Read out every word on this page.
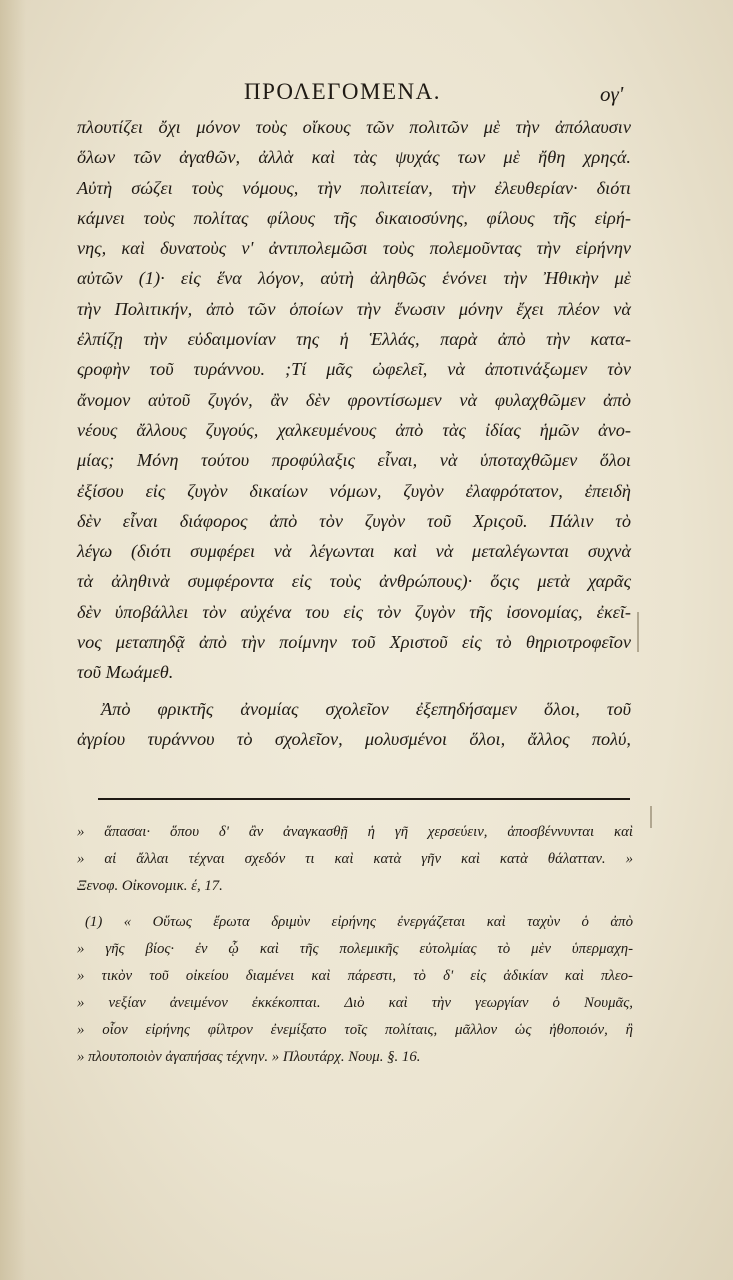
ΠΡΟΛΕΓΟΜΕΝΑ.	ογ'
πλουτίζει ὄχι μόνον τοὺς οἴκους τῶν πολιτῶν μὲ τὴν ἀπόλαυσιν
ὅλων τῶν ἀγαθῶν, ἀλλὰ καὶ τὰς ψυχάς των μὲ ἤθη χρηςά.
Αὐτὴ σώζει τοὺς νόμους, τὴν πολιτείαν, τὴν ἐλευθερίαν· διότι
κάμνει τοὺς πολίτας φίλους τῆς δικαιοσύνης, φίλους τῆς εἰρή-
νης, καὶ δυνατοὺς ν' ἀντιπολεμῶσι τοὺς πολεμοῦντας τὴν εἰρήνην
αὐτῶν (1)· εἰς ἕνα λόγον, αὐτὴ ἀληθῶς ἑνόνει τὴν Ἠθικὴν μὲ
τὴν Πολιτικήν, ἀπὸ τῶν ὁποίων τὴν ἕνωσιν μόνην ἔχει πλέον νὰ
ἐλπίζῃ τὴν εὐδαιμονίαν της ἡ Ἑλλάς, παρὰ ἀπὸ τὴν κατα-
ςροφὴν τοῦ τυράννου. ;Τί μᾶς ὠφελεῖ, νὰ ἀποτινάξωμεν τὸν
ἄνομον αὐτοῦ ζυγόν, ἂν δὲν φροντίσωμεν νὰ φυλαχθῶμεν ἀπὸ
νέους ἄλλους ζυγούς, χαλκευμένους ἀπὸ τὰς ἰδίας ἡμῶν ἀνο-
μίας; Μόνη τούτου προφύλαξις εἶναι, νὰ ὑποταχθῶμεν ὅλοι
ἐξίσου εἰς ζυγὸν δικαίων νόμων, ζυγὸν ἐλαφρότατον, ἐπειδὴ
δὲν εἶναι διάφορος ἀπὸ τὸν ζυγὸν τοῦ Χριςοῦ. Πάλιν τὸ
λέγω (διότι συμφέρει νὰ λέγωνται καὶ νὰ μεταλέγωνται συχνὰ
τὰ ἀληθινὰ συμφέροντα εἰς τοὺς ἀνθρώπους)· ὅςις μετὰ χαρᾶς
δὲν ὑποβάλλει τὸν αὐχένα του εἰς τὸν ζυγὸν τῆς ἰσονομίας, ἐκεῖ-
νος μεταπηδᾷ ἀπὸ τὴν ποίμνην τοῦ Χριστοῦ εἰς τὸ θηριοτροφεῖον
τοῦ Μωάμεθ.
Ἀπὸ φρικτῆς ἀνομίας σχολεῖον ἐξεπηδήσαμεν ὅλοι, τοῦ
ἀγρίου τυράννου τὸ σχολεῖον, μολυσμένοι ὅλοι, ἄλλος πολύ,
» ἅπασαι· ὅπου δ' ἂν ἀναγκασθῇ ἡ γῆ χερσεύειν, ἀποσβέννυνται καὶ
» αἱ ἄλλαι τέχναι σχεδόν τι καὶ κατὰ γῆν καὶ κατὰ θάλατταν. »
Ξενοφ. Οἰκονομικ. έ, 17.
(1) « Οὕτως ἔρωτα δριμὺν εἰρήνης ἐνεργάζεται καὶ ταχὺν ὁ ἀπὸ
» γῆς βίος· ἐν ᾧ καὶ τῆς πολεμικῆς εὐτολμίας τὸ μὲν ὑπερμαχη-
» τικὸν τοῦ οἰκείου διαμένει καὶ πάρεστι, τὸ δ' εἰς ἀδικίαν καὶ πλεο-
» νεξίαν ἀνειμένον ἐκκέκοπται. Διὸ καὶ τὴν γεωργίαν ὁ Νουμᾶς,
» οἷον εἰρήνης φίλτρον ἐνεμίξατο τοῖς πολίταις, μᾶλλον ὡς ἠθοποιόν, ἢ
» πλουτοποιὸν ἀγαπήσας τέχνην. » Πλουτάρχ. Νουμ. §. 16.
